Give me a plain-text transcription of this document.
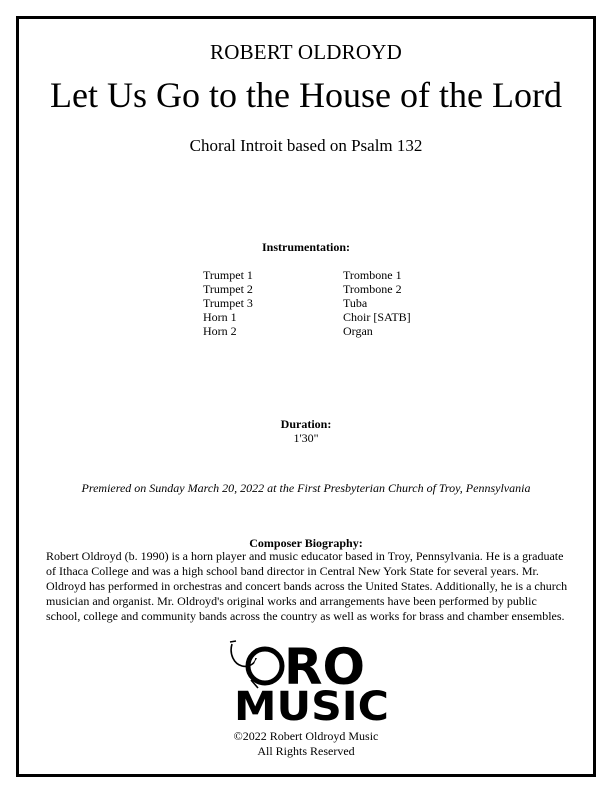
ROBERT OLDROYD
Let Us Go to the House of the Lord
Choral Introit based on Psalm 132
Instrumentation:
Trumpet 1
Trumpet 2
Trumpet 3
Horn 1
Horn 2
Trombone 1
Trombone 2
Tuba
Choir [SATB]
Organ
Duration:
1'30"
Premiered on Sunday March 20, 2022 at the First Presbyterian Church of Troy, Pennsylvania
Composer Biography:
Robert Oldroyd (b. 1990) is a horn player and music educator based in Troy, Pennsylvania. He is a graduate of Ithaca College and was a high school band director in Central New York State for several years. Mr. Oldroyd has performed in orchestras and concert bands across the United States. Additionally, he is a church musician and organist. Mr. Oldroyd's original works and arrangements have been performed by public school, college and community bands across the country as well as works for brass and chamber ensembles.
RO
MUSIC
©2022 Robert Oldroyd Music
All Rights Reserved
